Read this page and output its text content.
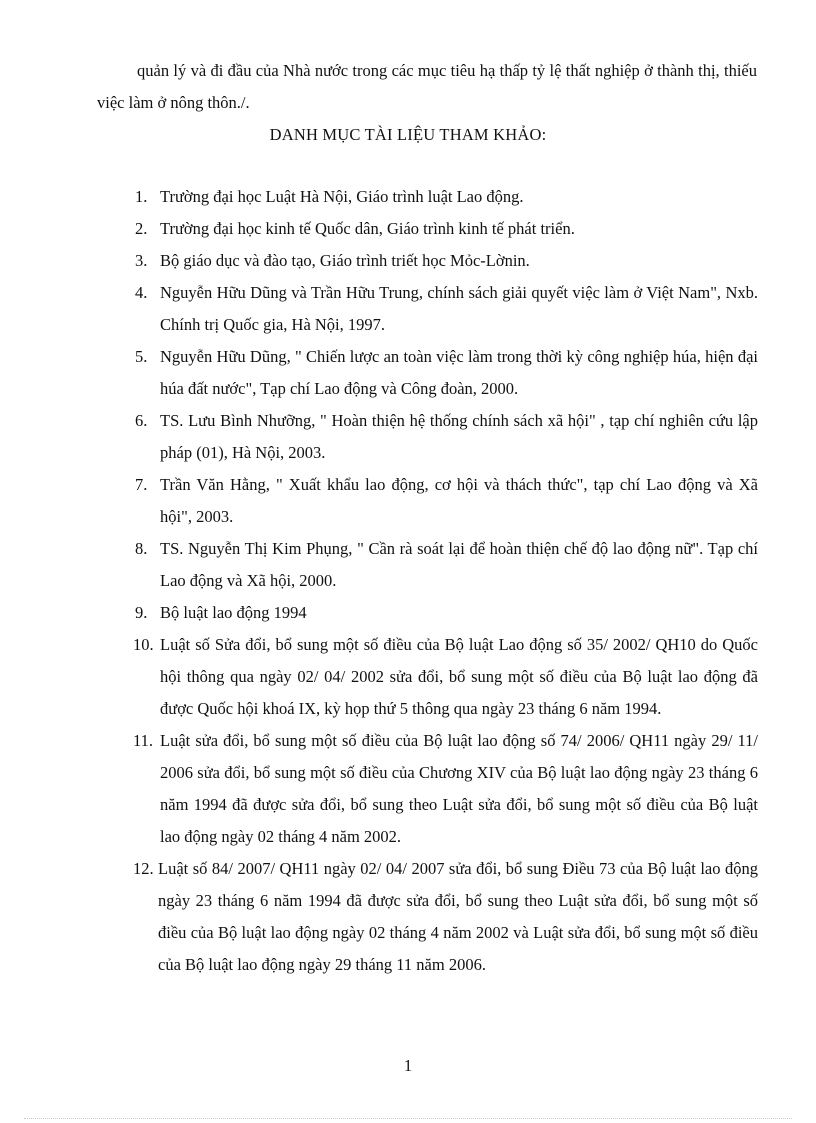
quản lý và đi đầu của Nhà nước trong các mục tiêu hạ thấp tỷ lệ thất nghiệp ở thành thị, thiếu việc làm ở nông thôn./.

DANH MỤC TÀI LIỆU THAM KHẢO:

1. Trường đại học Luật Hà Nội, Giáo trình luật Lao động.
2. Trường đại học kinh tế Quốc dân, Giáo trình kinh tế phát triển.
3. Bộ giáo dục và đào tạo, Giáo trình triết học Mỏc-Lờnin.
4. Nguyễn Hữu Dũng và Trần Hữu Trung, chính sách giải quyết việc làm ở Việt Nam", Nxb. Chính trị Quốc gia, Hà Nội, 1997.
5. Nguyễn Hữu Dũng, " Chiến lược an toàn việc làm trong thời kỳ công nghiệp húa, hiện đại húa đất nước", Tạp chí Lao động và Công đoàn, 2000.
6. TS. Lưu Bình Nhưỡng, " Hoàn thiện hệ thống chính sách xã hội" , tạp chí nghiên cứu lập pháp (01), Hà Nội, 2003.
7. Trần Văn Hằng, " Xuất khẩu lao động, cơ hội và thách thức", tạp chí Lao động và Xã hội", 2003.
8. TS. Nguyễn Thị Kim Phụng, " Cần rà soát lại để hoàn thiện chế độ lao động nữ". Tạp chí Lao động và Xã hội, 2000.
9. Bộ luật lao động 1994
10. Luật số Sửa đổi, bổ sung một số điều của Bộ luật Lao động số 35/ 2002/ QH10 do Quốc hội thông qua ngày 02/ 04/ 2002 sửa đổi, bổ sung một số điều của Bộ luật lao động đã được Quốc hội khoá IX, kỳ họp thứ 5 thông qua ngày 23 tháng 6 năm 1994.
11. Luật sửa đổi, bổ sung một số điều của Bộ luật lao động số 74/ 2006/ QH11 ngày 29/ 11/ 2006 sửa đổi, bổ sung một số điều của Chương XIV của Bộ luật lao động ngày 23 tháng 6 năm 1994 đã được sửa đổi, bổ sung theo Luật sửa đổi, bổ sung một số điều của Bộ luật lao động ngày 02 tháng 4 năm 2002.
12. Luật số 84/ 2007/ QH11 ngày 02/ 04/ 2007 sửa đổi, bổ sung Điều 73 của Bộ luật lao động ngày 23 tháng 6 năm 1994 đã được sửa đổi, bổ sung theo Luật sửa đổi, bổ sung một số điều của Bộ luật lao động ngày 02 tháng 4 năm 2002 và Luật sửa đổi, bổ sung một số điều của Bộ luật lao động ngày 29 tháng 11 năm 2006.

1
